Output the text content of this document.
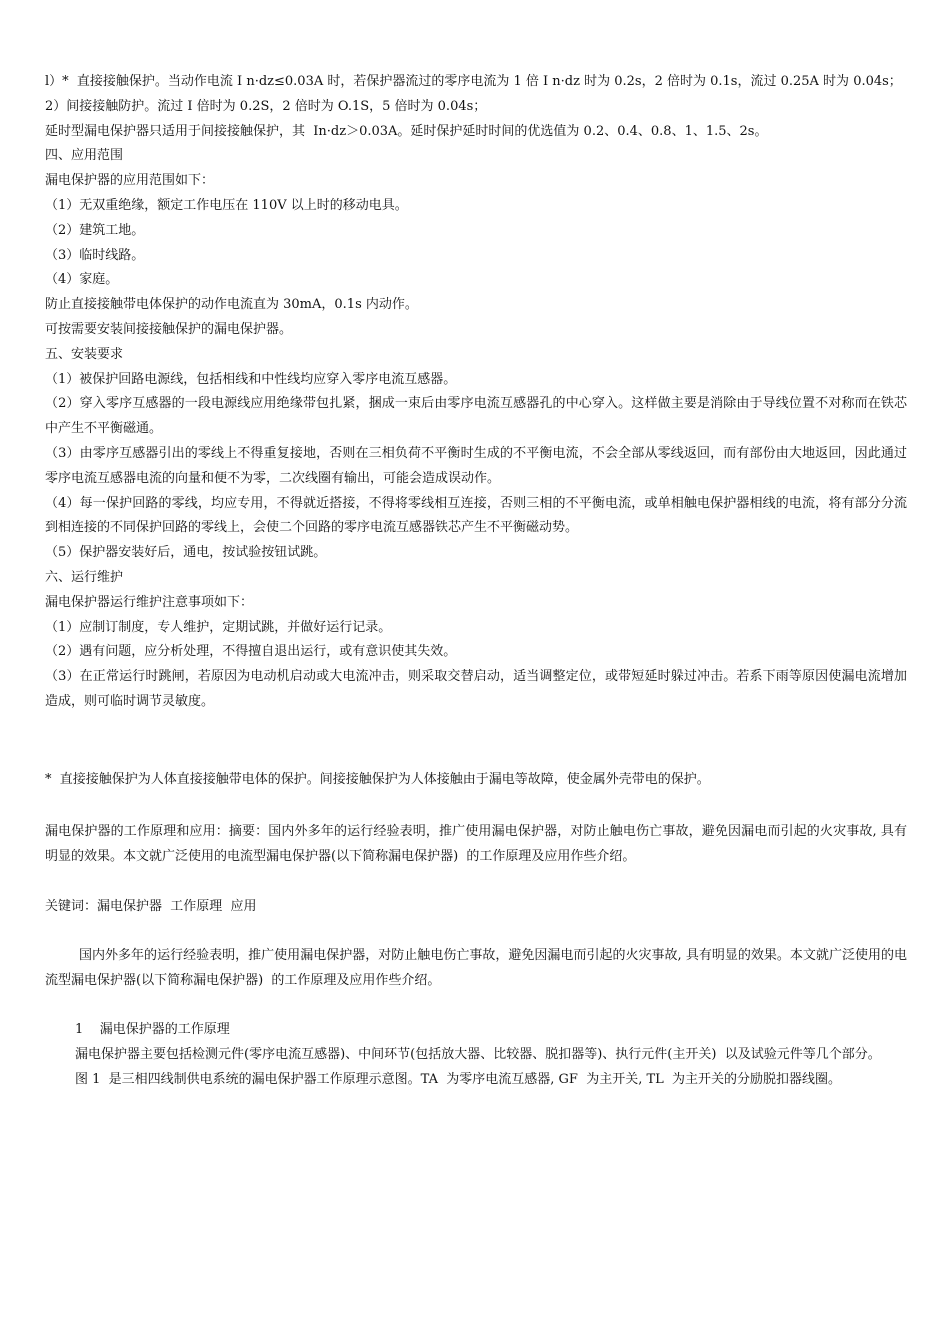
l）*  直接接触保护。当动作电流 I n·dz≤0.03A 时，若保护器流过的零序电流为 1 倍 I n·dz 时为 0.2s，2 倍时为 0.1s，流过 0.25A 时为 0.04s；

2）间接接触防护。流过 I 倍时为 0.2S，2 倍时为 O.1S，5 倍时为 0.04s；

延时型漏电保护器只适用于间接接触保护，其  In·dz＞0.03A。延时保护延时时间的优选值为 0.2、0.4、0.8、1、1.5、2s。

四、应用范围

漏电保护器的应用范围如下：

（1）无双重绝缘，额定工作电压在 110V 以上时的移动电具。

（2）建筑工地。

（3）临时线路。

（4）家庭。

防止直接接触带电体保护的动作电流直为 30mA，0.1s 内动作。

可按需要安装间接接触保护的漏电保护器。

五、安装要求

（1）被保护回路电源线，包括相线和中性线均应穿入零序电流互感器。

（2）穿入零序互感器的一段电源线应用绝缘带包扎紧，捆成一束后由零序电流互感器孔的中心穿入。这样做主要是消除由于导线位置不对称而在铁芯中产生不平衡磁通。

（3）由零序互感器引出的零线上不得重复接地，否则在三相负荷不平衡时生成的不平衡电流，不会全部从零线返回，而有部份由大地返回，因此通过零序电流互感器电流的向量和便不为零，二次线圈有输出，可能会造成误动作。

（4）每一保护回路的零线，均应专用，不得就近搭接，不得将零线相互连接，否则三相的不平衡电流，或单相触电保护器相线的电流，将有部分分流到相连接的不同保护回路的零线上，会使二个回路的零序电流互感器铁芯产生不平衡磁动势。

（5）保护器安装好后，通电，按试验按钮试跳。

六、运行维护

漏电保护器运行维护注意事项如下：

（1）应制订制度，专人维护，定期试跳，并做好运行记录。

（2）遇有问题，应分析处理，不得擅自退出运行，或有意识使其失效。

（3）在正常运行时跳闸，若原因为电动机启动或大电流冲击，则采取交替启动，适当调整定位，或带短延时躲过冲击。若系下雨等原因使漏电流增加造成，则可临时调节灵敏度。

*  直接接触保护为人体直接接触带电体的保护。间接接触保护为人体接触由于漏电等故障，使金属外壳带电的保护。

漏电保护器的工作原理和应用：摘要：国内外多年的运行经验表明，推广使用漏电保护器，对防止触电伤亡事故，避免因漏电而引起的火灾事故, 具有明显的效果。本文就广泛使用的电流型漏电保护器(以下简称漏电保护器)  的工作原理及应用作些介绍。

关键词：漏电保护器  工作原理  应用

国内外多年的运行经验表明，推广使用漏电保护器，对防止触电伤亡事故，避免因漏电而引起的火灾事故, 具有明显的效果。本文就广泛使用的电流型漏电保护器(以下简称漏电保护器)  的工作原理及应用作些介绍。

1    漏电保护器的工作原理

漏电保护器主要包括检测元件(零序电流互感器)、中间环节(包括放大器、比较器、脱扣器等)、执行元件(主开关)  以及试验元件等几个部分。

图 1  是三相四线制供电系统的漏电保护器工作原理示意图。TA  为零序电流互感器, GF  为主开关, TL  为主开关的分励脱扣器线圈。
